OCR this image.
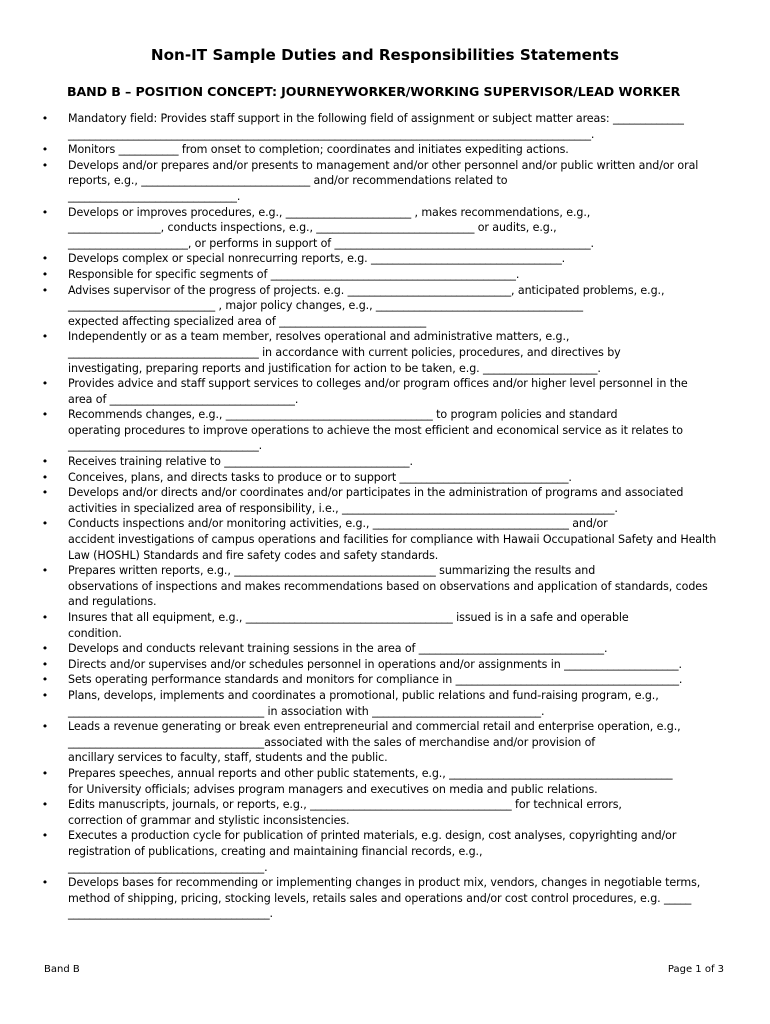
Non-IT Sample Duties and Responsibilities Statements
BAND B – POSITION CONCEPT: JOURNEYWORKER/WORKING SUPERVISOR/LEAD WORKER
• Mandatory field: Provides staff support in the following field of assignment or subject matter areas: _____________
________________________________________________________________________________________________.
• Monitors ___________ from onset to completion; coordinates and initiates expediting actions.
• Develops and/or prepares and/or presents to management and/or other personnel and/or public written and/or oral
reports, e.g., _______________________________ and/or recommendations related to
_______________________________.
• Develops or improves procedures, e.g., _______________________ , makes recommendations, e.g.,
_________________, conducts inspections, e.g., _____________________________ or audits, e.g.,
______________________, or performs in support of _______________________________________________.
• Develops complex or special nonrecurring reports, e.g. ___________________________________.
• Responsible for specific segments of _____________________________________________.
• Advises supervisor of the progress of projects. e.g. ______________________________, anticipated problems, e.g.,
___________________________ , major policy changes, e.g., ______________________________________
expected affecting specialized area of ___________________________
• Independently or as a team member, resolves operational and administrative matters, e.g.,
___________________________________ in accordance with current policies, procedures, and directives by
investigating, preparing reports and justification for action to be taken, e.g. _____________________.
• Provides advice and staff support services to colleges and/or program offices and/or higher level personnel in the
area of __________________________________.
• Recommends changes, e.g., ______________________________________ to program policies and standard
operating procedures to improve operations to achieve the most efficient and economical service as it relates to
___________________________________.
• Receives training relative to __________________________________.
• Conceives, plans, and directs tasks to produce or to support _______________________________.
• Develops and/or directs and/or coordinates and/or participates in the administration of programs and associated
activities in specialized area of responsibility, i.e., __________________________________________________.
• Conducts inspections and/or monitoring activities, e.g., ____________________________________ and/or
accident investigations of campus operations and facilities for compliance with Hawaii Occupational Safety and Health
Law (HOSHL) Standards and fire safety codes and safety standards.
• Prepares written reports, e.g., _____________________________________ summarizing the results and
observations of inspections and makes recommendations based on observations and application of standards, codes
and regulations.
• Insures that all equipment, e.g., ______________________________________ issued is in a safe and operable
condition.
• Develops and conducts relevant training sessions in the area of __________________________________.
• Directs and/or supervises and/or schedules personnel in operations and/or assignments in _____________________.
• Sets operating performance standards and monitors for compliance in _________________________________________.
• Plans, develops, implements and coordinates a promotional, public relations and fund-raising program, e.g.,
____________________________________ in association with _______________________________.
• Leads a revenue generating or break even entrepreneurial and commercial retail and enterprise operation, e.g.,
____________________________________associated with the sales of merchandise and/or provision of
ancillary services to faculty, staff, students and the public.
• Prepares speeches, annual reports and other public statements, e.g., _________________________________________
for University officials; advises program managers and executives on media and public relations.
• Edits manuscripts, journals, or reports, e.g., _____________________________________ for technical errors,
correction of grammar and stylistic inconsistencies.
• Executes a production cycle for publication of printed materials, e.g. design, cost analyses, copyrighting and/or
registration of publications, creating and maintaining financial records, e.g.,
____________________________________.
• Develops bases for recommending or implementing changes in product mix, vendors, changes in negotiable terms,
method of shipping, pricing, stocking levels, retails sales and operations and/or cost control procedures, e.g. _____
_____________________________________.
Band B	Page 1 of 3
